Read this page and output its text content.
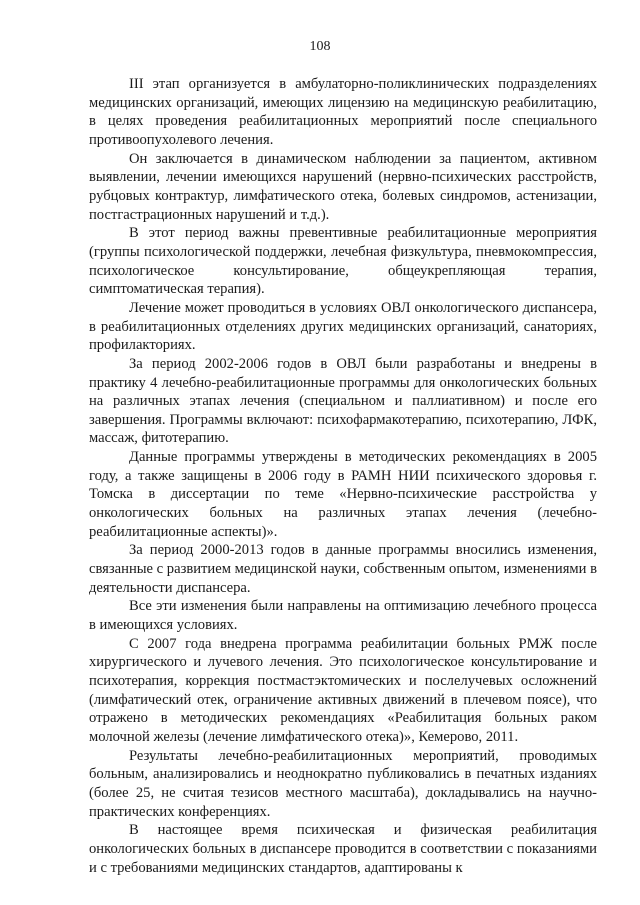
108

III этап организуется в амбулаторно-поликлинических подразделениях медицинских организаций, имеющих лицензию на медицинскую реабилитацию, в целях проведения реабилитационных мероприятий после специального противоопухолевого лечения.

Он заключается в динамическом наблюдении за пациентом, активном выявлении, лечении имеющихся нарушений (нервно-психических расстройств, рубцовых контрактур, лимфатического отека, болевых синдромов, астенизации, постгастрационных нарушений и т.д.).

В этот период важны превентивные реабилитационные мероприятия (группы психологической поддержки, лечебная физкультура, пневмокомпрессия, психологическое консультирование, общеукрепляющая терапия, симптоматическая терапия).

Лечение может проводиться в условиях ОВЛ онкологического диспансера, в реабилитационных отделениях других медицинских организаций, санаториях, профилакториях.

За период 2002-2006 годов в ОВЛ были разработаны и внедрены в практику 4 лечебно-реабилитационные программы для онкологических больных на различных этапах лечения (специальном и паллиативном) и после его завершения. Программы включают: психофармакотерапию, психотерапию, ЛФК, массаж, фитотерапию.

Данные программы утверждены в методических рекомендациях в 2005 году, а также защищены в 2006 году в РАМН НИИ психического здоровья г. Томска в диссертации по теме «Нервно-психические расстройства у онкологических больных на различных этапах лечения (лечебно-реабилитационные аспекты)».

За период 2000-2013 годов в данные программы вносились изменения, связанные с развитием медицинской науки, собственным опытом, изменениями в деятельности диспансера.

Все эти изменения были направлены на оптимизацию лечебного процесса в имеющихся условиях.

С 2007 года внедрена программа реабилитации больных РМЖ после хирургического и лучевого лечения. Это психологическое консультирование и психотерапия, коррекция постмастэктомических и послелучевых осложнений (лимфатический отек, ограничение активных движений в плечевом поясе), что отражено в методических рекомендациях «Реабилитация больных раком молочной железы (лечение лимфатического отека)», Кемерово, 2011.

Результаты лечебно-реабилитационных мероприятий, проводимых больным, анализировались и неоднократно публиковались в печатных изданиях (более 25, не считая тезисов местного масштаба), докладывались на научно-практических конференциях.

В настоящее время психическая и физическая реабилитация онкологических больных в диспансере проводится в соответствии с показаниями и с требованиями медицинских стандартов, адаптированы к
